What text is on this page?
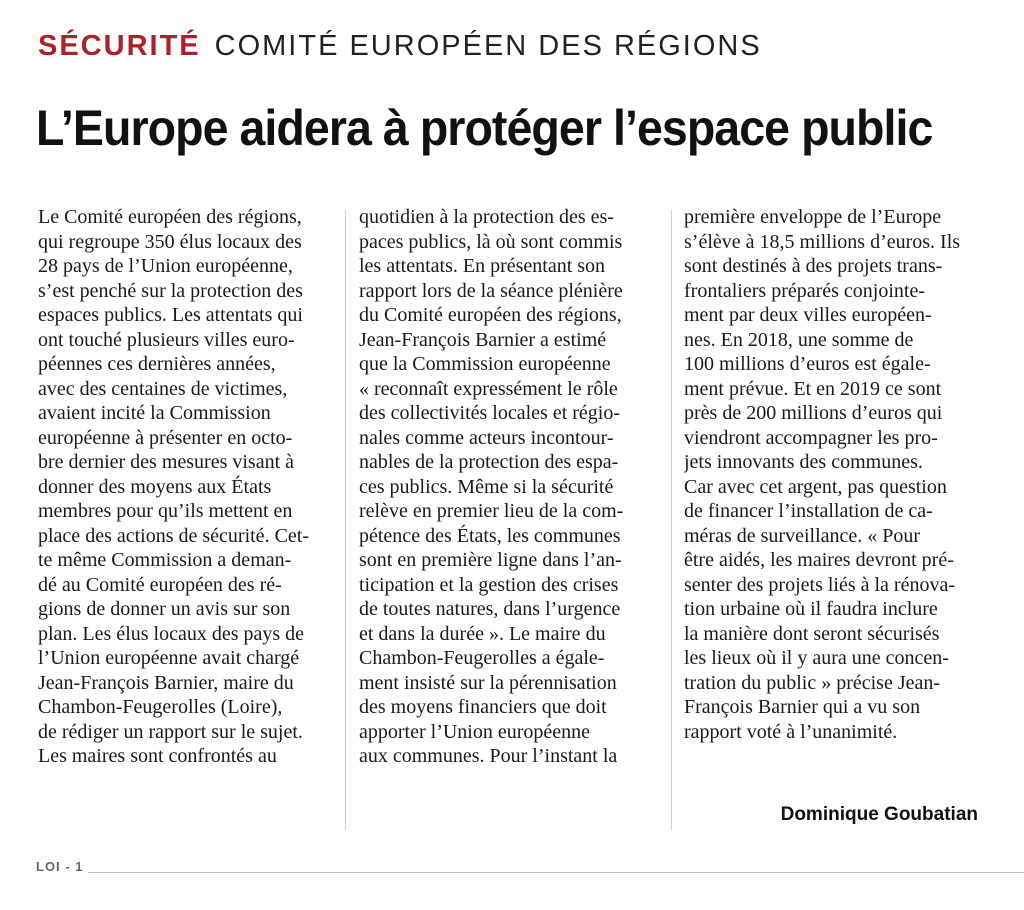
SÉCURITÉ COMITÉ EUROPÉEN DES RÉGIONS
L’Europe aidera à protéger l’espace public
Le Comité européen des régions,
qui regroupe 350 élus locaux des
28 pays de l’Union européenne,
s’est penché sur la protection des
espaces publics. Les attentats qui
ont touché plusieurs villes euro-
péennes ces dernières années,
avec des centaines de victimes,
avaient incité la Commission
européenne à présenter en octo-
bre dernier des mesures visant à
donner des moyens aux États
membres pour qu’ils mettent en
place des actions de sécurité. Cet-
te même Commission a deman-
dé au Comité européen des ré-
gions de donner un avis sur son
plan. Les élus locaux des pays de
l’Union européenne avait chargé
Jean-François Barnier, maire du
Chambon-Feugerolles (Loire),
de rédiger un rapport sur le sujet.
Les maires sont confrontés au
quotidien à la protection des es-
paces publics, là où sont commis
les attentats. En présentant son
rapport lors de la séance plénière
du Comité européen des régions,
Jean-François Barnier a estimé
que la Commission européenne
« reconnaît expressément le rôle
des collectivités locales et régio-
nales comme acteurs incontour-
nables de la protection des espa-
ces publics. Même si la sécurité
relève en premier lieu de la com-
pétence des États, les communes
sont en première ligne dans l’an-
ticipation et la gestion des crises
de toutes natures, dans l’urgence
et dans la durée ». Le maire du
Chambon-Feugerolles a égale-
ment insisté sur la pérennisation
des moyens financiers que doit
apporter l’Union européenne
aux communes. Pour l’instant la
première enveloppe de l’Europe
s’élève à 18,5 millions d’euros. Ils
sont destinés à des projets trans-
frontaliers préparés conjointe-
ment par deux villes européen-
nes. En 2018, une somme de
100 millions d’euros est égale-
ment prévue. Et en 2019 ce sont
près de 200 millions d’euros qui
viendront accompagner les pro-
jets innovants des communes.
Car avec cet argent, pas question
de financer l’installation de ca-
méras de surveillance. « Pour
être aidés, les maires devront pré-
senter des projets liés à la rénova-
tion urbaine où il faudra inclure
la manière dont seront sécurisés
les lieux où il y aura une concen-
tration du public » précise Jean-
François Barnier qui a vu son
rapport voté à l’unanimité.
Dominique Goubatian
LOI - 1
